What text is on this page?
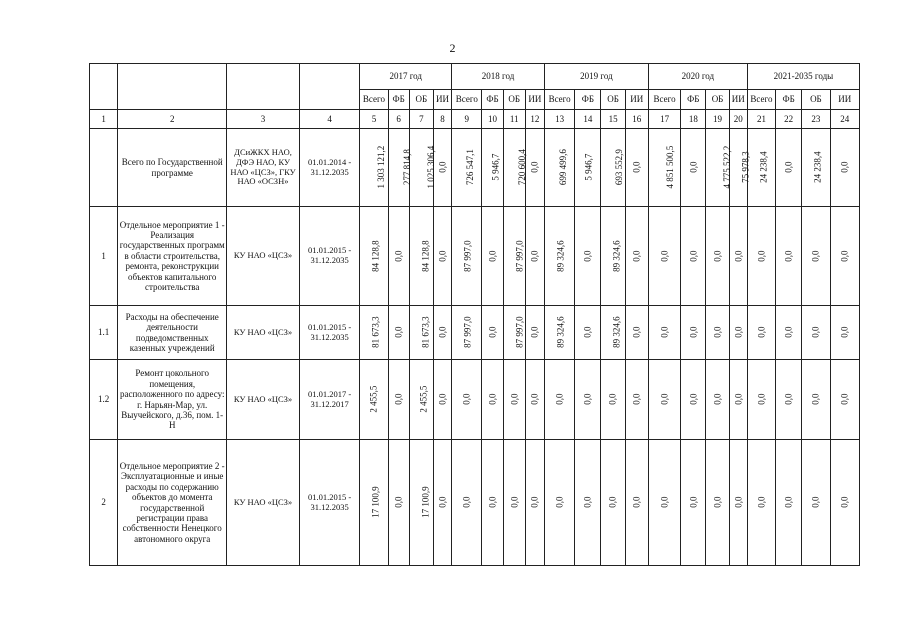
2
				2017 год				2018 год				2019 год				2020 год				2021-2035 годы			
				Всего	ФБ	ОБ	ИИ	Всего	ФБ	ОБ	ИИ	Всего	ФБ	ОБ	ИИ	Всего	ФБ	ОБ	ИИ	Всего	ФБ	ОБ	ИИ
1	2	3	4	5	6	7	8	9	10	11	12	13	14	15	16	17	18	19	20	21	22	23	24
	Всего по Государственной программе	ДСиЖКХ НАО, ДФЭ НАО, КУ НАО «ЦСЗ», ГКУ НАО «ОСЗН»	01.01.2014 - 31.12.2035	1 303 121,2	277 814,8	1 025 306,4	0,0	726 547,1	5 946,7	720 600,4	0,0	699 499,6	5 946,7	693 552,9	0,0	4 851 500,5	0,0	4 775 522,2	75 978,3	24 238,4	0,0	24 238,4	0,0
1	Отдельное мероприятие 1 - Реализация государственных программ в области строительства, ремонта, реконструкции объектов капитального строительства	КУ НАО «ЦСЗ»	01.01.2015 - 31.12.2035	84 128,8	0,0	84 128,8	0,0	87 997,0	0,0	87 997,0	0,0	89 324,6	0,0	89 324,6	0,0	0,0	0,0	0,0	0,0	0,0	0,0	0,0	0,0
1.1	Расходы на обеспечение деятельности подведомственных казенных учреждений	КУ НАО «ЦСЗ»	01.01.2015 - 31.12.2035	81 673,3	0,0	81 673,3	0,0	87 997,0	0,0	87 997,0	0,0	89 324,6	0,0	89 324,6	0,0	0,0	0,0	0,0	0,0	0,0	0,0	0,0	0,0
1.2	Ремонт цокольного помещения, расположенного по адресу: г. Нарьян-Мар, ул. Выучейского, д.36, пом. 1-Н	КУ НАО «ЦСЗ»	01.01.2017 - 31.12.2017	2 455,5	0,0	2 455,5	0,0	0,0	0,0	0,0	0,0	0,0	0,0	0,0	0,0	0,0	0,0	0,0	0,0	0,0	0,0	0,0	0,0
2	Отдельное мероприятие 2 - Эксплуатационные и иные расходы по содержанию объектов до момента государственной регистрации права собственности Ненецкого автономного округа	КУ НАО «ЦСЗ»	01.01.2015 - 31.12.2035	17 100,9	0,0	17 100,9	0,0	0,0	0,0	0,0	0,0	0,0	0,0	0,0	0,0	0,0	0,0	0,0	0,0	0,0	0,0	0,0	0,0
